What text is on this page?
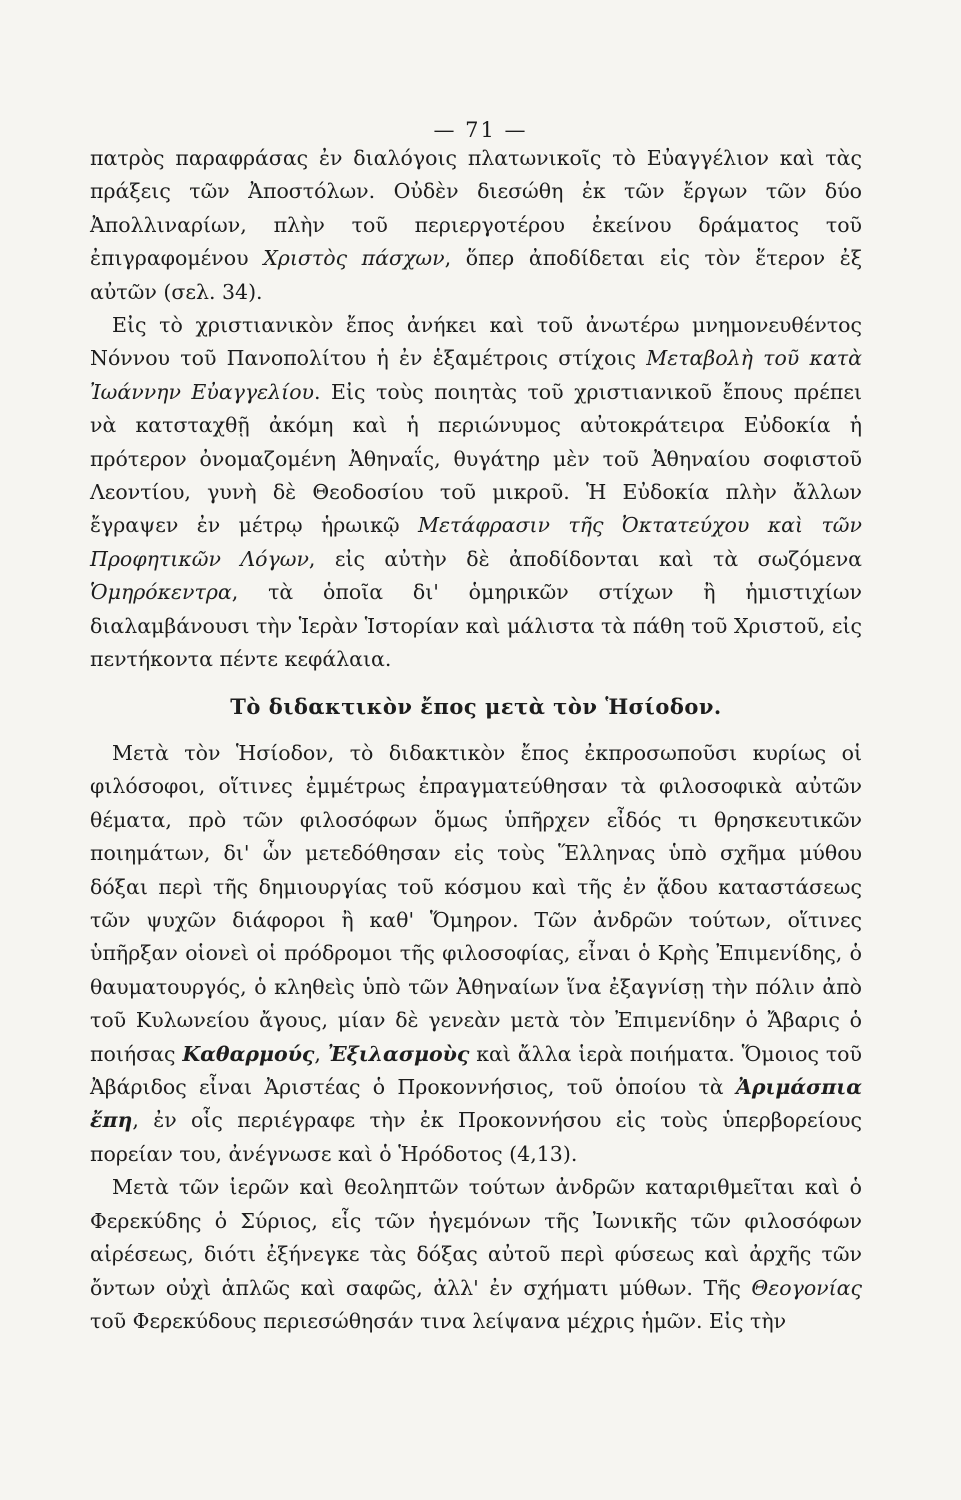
— 71 —

πατρὸς παραφράσας ἐν διαλόγοις πλατωνικοῖς τὸ Εὐαγγέλιον καὶ τὰς πράξεις τῶν Ἀποστόλων. Οὐδὲν διεσώθη ἐκ τῶν ἔργων τῶν δύο Ἀπολλιναρίων, πλὴν τοῦ περιεργοτέρου ἐκείνου δράματος τοῦ ἐπιγραφομένου Χριστὸς πάσχων, ὅπερ ἀποδίδεται εἰς τὸν ἕτερον ἐξ αὐτῶν (σελ. 34).

Εἰς τὸ χριστιανικὸν ἔπος ἀνήκει καὶ τοῦ ἀνωτέρω μνημονευθέντος Νόννου τοῦ Πανοπολίτου ἡ ἐν ἑξαμέτροις στίχοις Μεταβολὴ τοῦ κατὰ Ἰωάννην Εὐαγγελίου. Εἰς τοὺς ποιητὰς τοῦ χριστιανικοῦ ἔπους πρέπει νὰ κατσταχθῇ ἀκόμη καὶ ἡ περιώνυμος αὐτοκράτειρα Εὐδοκία ἡ πρότερον ὀνομαζομένη Ἀθηναΐς, θυγάτηρ μὲν τοῦ Ἀθηναίου σοφιστοῦ Λεοντίου, γυνὴ δὲ Θεοδοσίου τοῦ μικροῦ. Ἡ Εὐδοκία πλὴν ἄλλων ἔγραψεν ἐν μέτρῳ ἡρωικῷ Μετάφρασιν τῆς Ὀκτατεύχου καὶ τῶν Προφητικῶν Λόγων, εἰς αὐτὴν δὲ ἀποδίδονται καὶ τὰ σωζόμενα Ὁμηρόκεντρα, τὰ ὁποῖα δι' ὁμηρικῶν στίχων ἢ ἡμιστιχίων διαλαμβάνουσι τὴν Ἱερὰν Ἱστορίαν καὶ μάλιστα τὰ πάθη τοῦ Χριστοῦ, εἰς πεντήκοντα πέντε κεφάλαια.

Τὸ διδακτικὸν ἔπος μετὰ τὸν Ἡσίοδον.

Μετὰ τὸν Ἡσίοδον, τὸ διδακτικὸν ἔπος ἐκπροσωποῦσι κυρίως οἱ φιλόσοφοι, οἵτινες ἐμμέτρως ἐπραγματεύθησαν τὰ φιλοσοφικὰ αὐτῶν θέματα, πρὸ τῶν φιλοσόφων ὅμως ὑπῆρχεν εἶδός τι θρησκευτικῶν ποιημάτων, δι' ὧν μετεδόθησαν εἰς τοὺς Ἕλληνας ὑπὸ σχῆμα μύθου δόξαι περὶ τῆς δημιουργίας τοῦ κόσμου καὶ τῆς ἐν ᾅδου καταστάσεως τῶν ψυχῶν διάφοροι ἢ καθ' Ὅμηρον. Τῶν ἀνδρῶν τούτων, οἵτινες ὑπῆρξαν οἱονεὶ οἱ πρόδρομοι τῆς φιλοσοφίας, εἶναι ὁ Κρὴς Ἐπιμενίδης, ὁ θαυματουργός, ὁ κληθεὶς ὑπὸ τῶν Ἀθηναίων ἵνα ἐξαγνίσῃ τὴν πόλιν ἀπὸ τοῦ Κυλωνείου ἄγους, μίαν δὲ γενεὰν μετὰ τὸν Ἐπιμενίδην ὁ Ἄβαρις ὁ ποιήσας Καθαρμούς, Ἐξιλασμοὺς καὶ ἄλλα ἱερὰ ποιήματα. Ὅμοιος τοῦ Ἀβάριδος εἶναι Ἀριστέας ὁ Προκοννήσιος, τοῦ ὁποίου τὰ Ἀριμάσπια ἔπη, ἐν οἷς περιέγραφε τὴν ἐκ Προκοννήσου εἰς τοὺς ὑπερβορείους πορείαν του, ἀνέγνωσε καὶ ὁ Ἡρόδοτος (4,13).

Μετὰ τῶν ἱερῶν καὶ θεοληπτῶν τούτων ἀνδρῶν καταριθμεῖται καὶ ὁ Φερεκύδης ὁ Σύριος, εἷς τῶν ἡγεμόνων τῆς Ἰωνικῆς τῶν φιλοσόφων αἱρέσεως, διότι ἐξήνεγκε τὰς δόξας αὐτοῦ περὶ φύσεως καὶ ἀρχῆς τῶν ὄντων οὐχὶ ἁπλῶς καὶ σαφῶς, ἀλλ' ἐν σχήματι μύθων. Τῆς Θεογονίας τοῦ Φερεκύδους περιεσώθησάν τινα λείψανα μέχρις ἡμῶν. Εἰς τὴν
